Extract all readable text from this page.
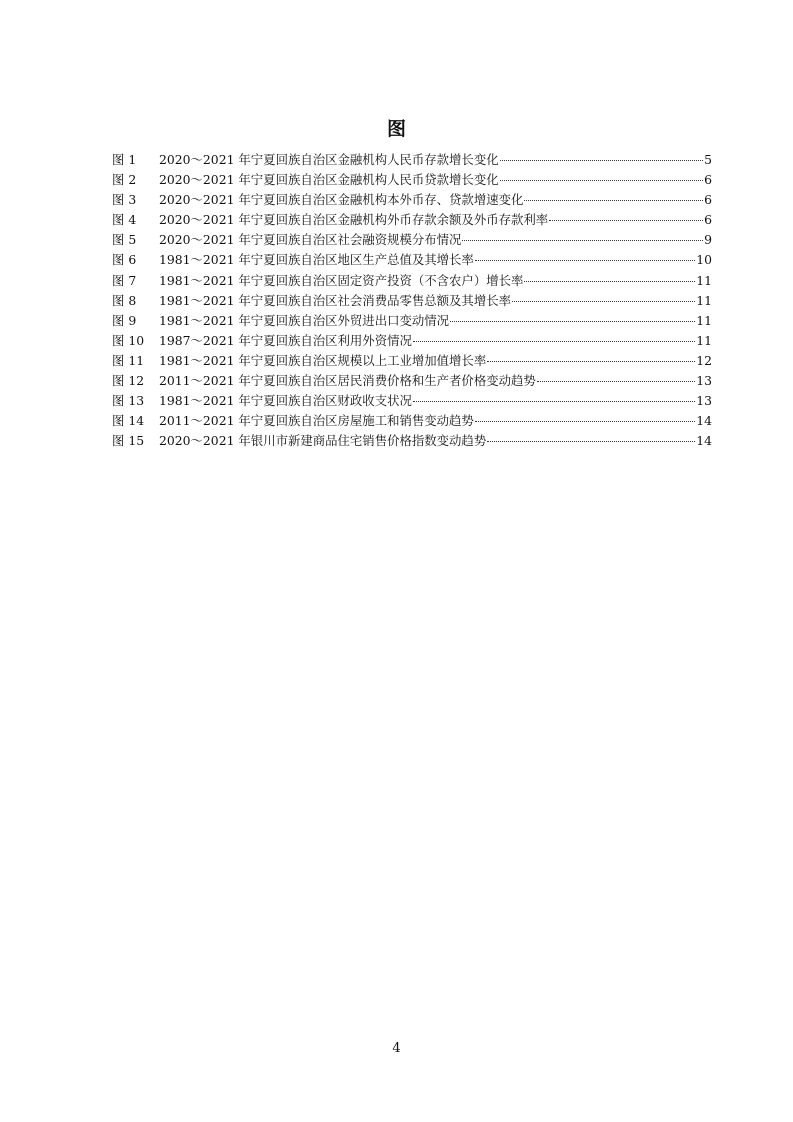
图
图 1	2020～2021 年宁夏回族自治区金融机构人民币存款增长变化	5
图 2	2020～2021 年宁夏回族自治区金融机构人民币贷款增长变化	6
图 3	2020～2021 年宁夏回族自治区金融机构本外币存、贷款增速变化	6
图 4	2020～2021 年宁夏回族自治区金融机构外币存款余额及外币存款利率	6
图 5	2020～2021 年宁夏回族自治区社会融资规模分布情况	9
图 6	1981～2021 年宁夏回族自治区地区生产总值及其增长率	10
图 7	1981～2021 年宁夏回族自治区固定资产投资（不含农户）增长率	11
图 8	1981～2021 年宁夏回族自治区社会消费品零售总额及其增长率	11
图 9	1981～2021 年宁夏回族自治区外贸进出口变动情况	11
图 10	1987～2021 年宁夏回族自治区利用外资情况	11
图 11	1981～2021 年宁夏回族自治区规模以上工业增加值增长率	12
图 12	2011～2021 年宁夏回族自治区居民消费价格和生产者价格变动趋势	13
图 13	1981～2021 年宁夏回族自治区财政收支状况	13
图 14	2011～2021 年宁夏回族自治区房屋施工和销售变动趋势	14
图 15	2020～2021 年银川市新建商品住宅销售价格指数变动趋势	14
4
